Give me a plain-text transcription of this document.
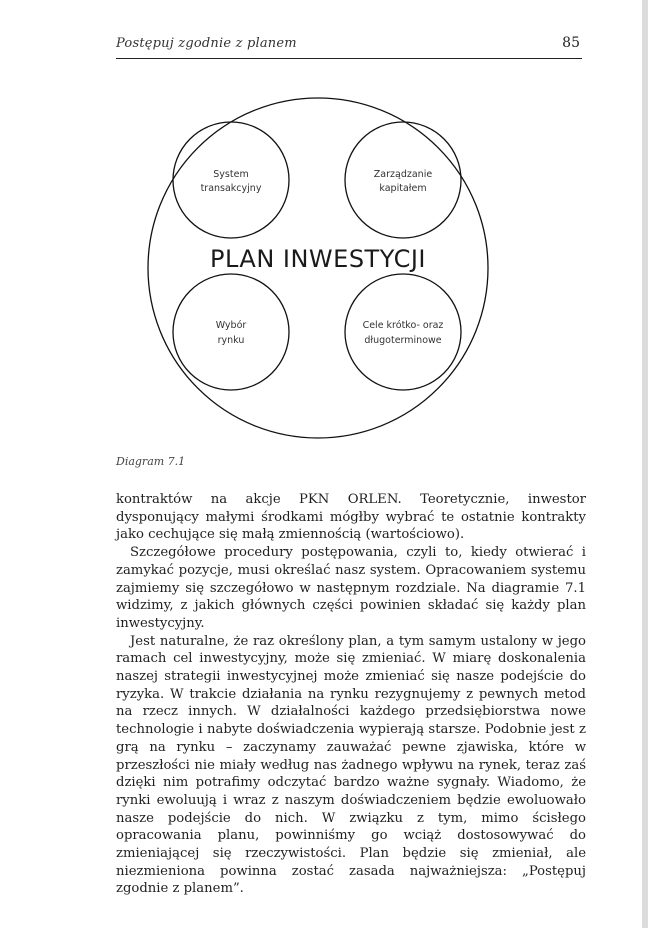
Postępuj zgodnie z planem	85
System
transakcyjny
Zarządzanie
kapitałem
Wybór
rynku
Cele krótko- oraz
długoterminowe
PLAN INWESTYCJI
Diagram 7.1

kontraktów na akcje PKN ORLEN. Teoretycznie, inwestor dysponujący małymi środkami mógłby wybrać te ostatnie kontrakty jako cechujące się małą zmiennością (wartościowo).

Szczegółowe procedury postępowania, czyli to, kiedy otwierać i zamykać pozycje, musi określać nasz system. Opracowaniem systemu zajmiemy się szczegółowo w następnym rozdziale. Na diagramie 7.1 widzimy, z jakich głównych części powinien składać się każdy plan inwestycyjny.

Jest naturalne, że raz określony plan, a tym samym ustalony w jego ramach cel inwestycyjny, może się zmieniać. W miarę doskonalenia naszej strategii inwestycyjnej może zmieniać się nasze podejście do ryzyka. W trakcie działania na rynku rezygnujemy z pewnych metod na rzecz innych. W działalności każdego przedsiębiorstwa nowe technologie i nabyte doświadczenia wypierają starsze. Podobnie jest z grą na rynku – zaczynamy zauważać pewne zjawiska, które w przeszłości nie miały według nas żadnego wpływu na rynek, teraz zaś dzięki nim potrafimy odczytać bardzo ważne sygnały. Wiadomo, że rynki ewoluują i wraz z naszym doświadczeniem będzie ewoluowało nasze podejście do nich. W związku z tym, mimo ścisłego opracowania planu, powinniśmy go wciąż dostosowywać do zmieniającej się rzeczywistości. Plan będzie się zmieniał, ale niezmieniona powinna zostać zasada najważniejsza: „Postępuj zgodnie z planem”.
